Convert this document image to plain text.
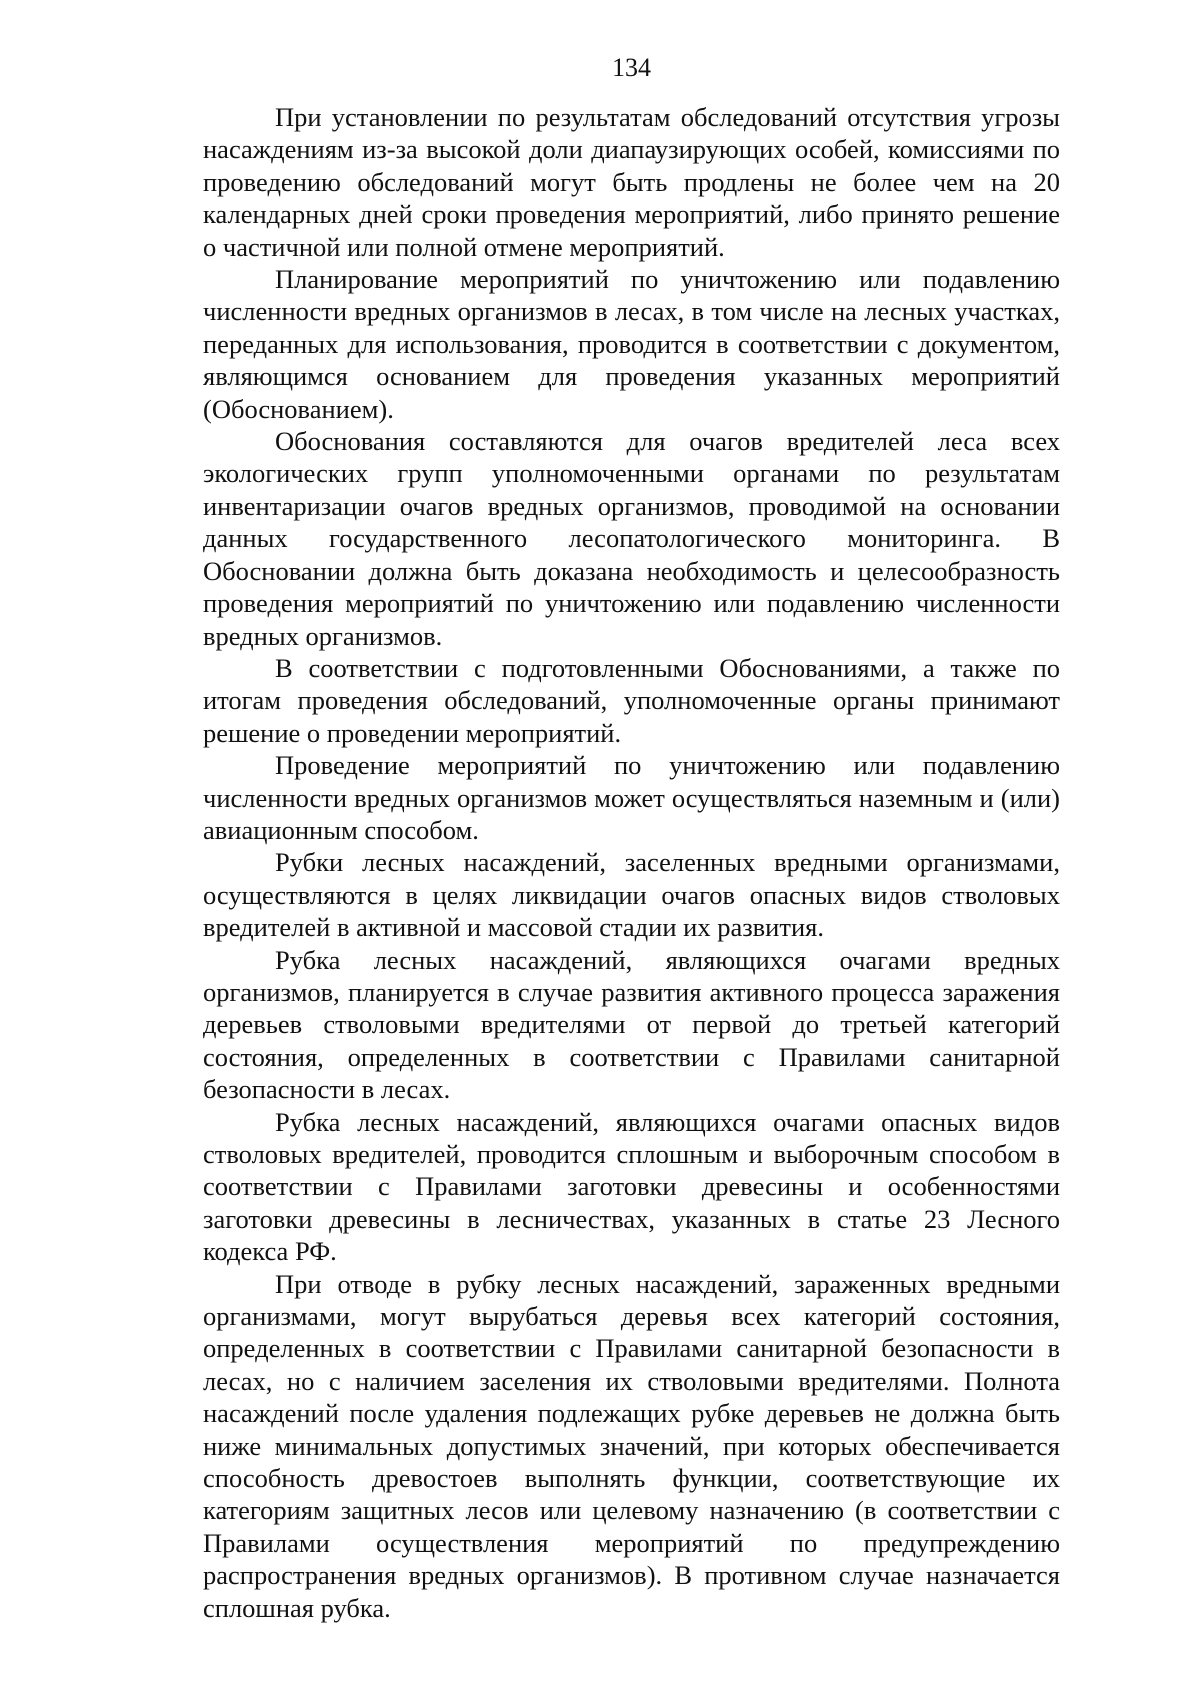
134

При установлении по результатам обследований отсутствия угрозы насаждениям из-за высокой доли диапаузирующих особей, комиссиями по проведению обследований могут быть продлены не более чем на 20 календарных дней сроки проведения мероприятий, либо принято решение о частичной или полной отмене мероприятий.

Планирование мероприятий по уничтожению или подавлению численности вредных организмов в лесах, в том числе на лесных участках, переданных для использования, проводится в соответствии с документом, являющимся основанием для проведения указанных мероприятий (Обоснованием).

Обоснования составляются для очагов вредителей леса всех экологических групп уполномоченными органами по результатам инвентаризации очагов вредных организмов, проводимой на основании данных государственного лесопатологического мониторинга. В Обосновании должна быть доказана необходимость и целесообразность проведения мероприятий по уничтожению или подавлению численности вредных организмов.

В соответствии с подготовленными Обоснованиями, а также по итогам проведения обследований, уполномоченные органы принимают решение о проведении мероприятий.

Проведение мероприятий по уничтожению или подавлению численности вредных организмов может осуществляться наземным и (или) авиационным способом.

Рубки лесных насаждений, заселенных вредными организмами, осуществляются в целях ликвидации очагов опасных видов стволовых вредителей в активной и массовой стадии их развития.

Рубка лесных насаждений, являющихся очагами вредных организмов, планируется в случае развития активного процесса заражения деревьев стволовыми вредителями от первой до третьей категорий состояния, определенных в соответствии с Правилами санитарной безопасности в лесах.

Рубка лесных насаждений, являющихся очагами опасных видов стволовых вредителей, проводится сплошным и выборочным способом в соответствии с Правилами заготовки древесины и особенностями заготовки древесины в лесничествах, указанных в статье 23 Лесного кодекса РФ.

При отводе в рубку лесных насаждений, зараженных вредными организмами, могут вырубаться деревья всех категорий состояния, определенных в соответствии с Правилами санитарной безопасности в лесах, но с наличием заселения их стволовыми вредителями. Полнота насаждений после удаления подлежащих рубке деревьев не должна быть ниже минимальных допустимых значений, при которых обеспечивается способность древостоев выполнять функции, соответствующие их категориям защитных лесов или целевому назначению (в соответствии с Правилами осуществления мероприятий по предупреждению распространения вредных организмов). В противном случае назначается сплошная рубка.
